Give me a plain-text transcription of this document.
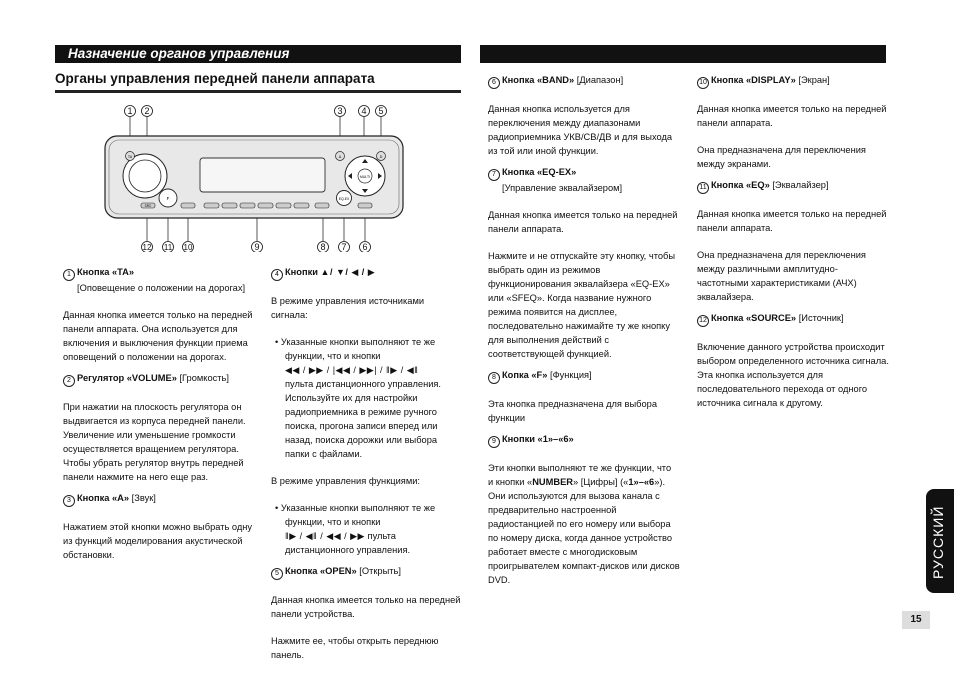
Назначение органов управления
Органы управления передней панели аппарата
1 2	3 4 5
12 11 10	9	8 7 6
TA
F
SRC
EQ-EX
A	D
MULTI

1 Кнопка «TA»

[Оповещение о положении на дорогах]

Данная кнопка имеется только на передней панели аппарата. Она используется для включения и выключения функции приема оповещений о положении на дорогах.

2 Регулятор «VOLUME» [Громкость]

При нажатии на плоскость регулятора он выдвигается из корпуса передней панели. Увеличение или уменьшение громкости осуществляется вращением регулятора. Чтобы убрать регулятор внутрь передней панели нажмите на него еще раз.

3 Кнопка «A» [Звук]

Нажатием этой кнопки можно выбрать одну из функций моделирования акустической обстановки.

4 Кнопки ▲/ ▼/ ◀ / ▶

В режиме управления источниками сигнала:

• Указанные кнопки выполняют те же функции, что и кнопки

◀◀ / ▶▶ / |◀◀ / ▶▶| / ‖▶ / ◀‖

пульта дистанционного управления. Используйте их для настройки радиоприемника в режиме ручного поиска, прогона записи вперед или назад, поиска дорожки или выбора папки с файлами.

В режиме управления функциями:

• Указанные кнопки выполняют те же функции, что и кнопки

‖▶ / ◀‖ / ◀◀ / ▶▶ пульта

дистанционного управления.

5 Кнопка «OPEN» [Открыть]

Данная кнопка имеется только на передней панели устройства.

Нажмите ее, чтобы открыть переднюю панель.

6 Кнопка «BAND» [Диапазон]

Данная кнопка используется для переключения между диапазонами радиоприемника УКВ/СВ/ДВ и для выхода из той или иной функции.

7 Кнопка «EQ-EX»

[Управление эквалайзером]

Данная кнопка имеется только на передней панели аппарата.

Нажмите и не отпускайте эту кнопку, чтобы выбрать один из режимов функционирования эквалайзера «EQ-EX» или «SFEQ». Когда название нужного режима появится на дисплее, последовательно нажимайте ту же кнопку для выполнения действий с соответствующей функцией.

8 Копка «F» [Функция]

Эта кнопка предназначена для выбора функции

9 Кнопки «1»–«6»

Эти кнопки выполняют те же функции, что

и кнопки «NUMBER» [Цифры] («1»–«6»).

Они используются для вызова канала с предварительно настроенной радиостанцией по его номеру или выбора по номеру диска, когда данное устройство работает вместе с многодисковым проигрывателем компакт-дисков или дисков DVD.

10 Кнопка «DISPLAY» [Экран]

Данная кнопка имеется только на передней панели аппарата.

Она предназначена для переключения между экранами.

11 Кнопка «EQ» [Эквалайзер]

Данная кнопка имеется только на передней панели аппарата.

Она предназначена для переключения между различными амплитудно-частотными характеристиками (АЧХ) эквалайзера.

12 Кнопка «SOURCE» [Источник]

Включение данного устройства происходит выбором определенного источника сигнала. Эта кнопка используется для последовательного перехода от одного источника сигнала к другому.

РУССКИЙ
15
